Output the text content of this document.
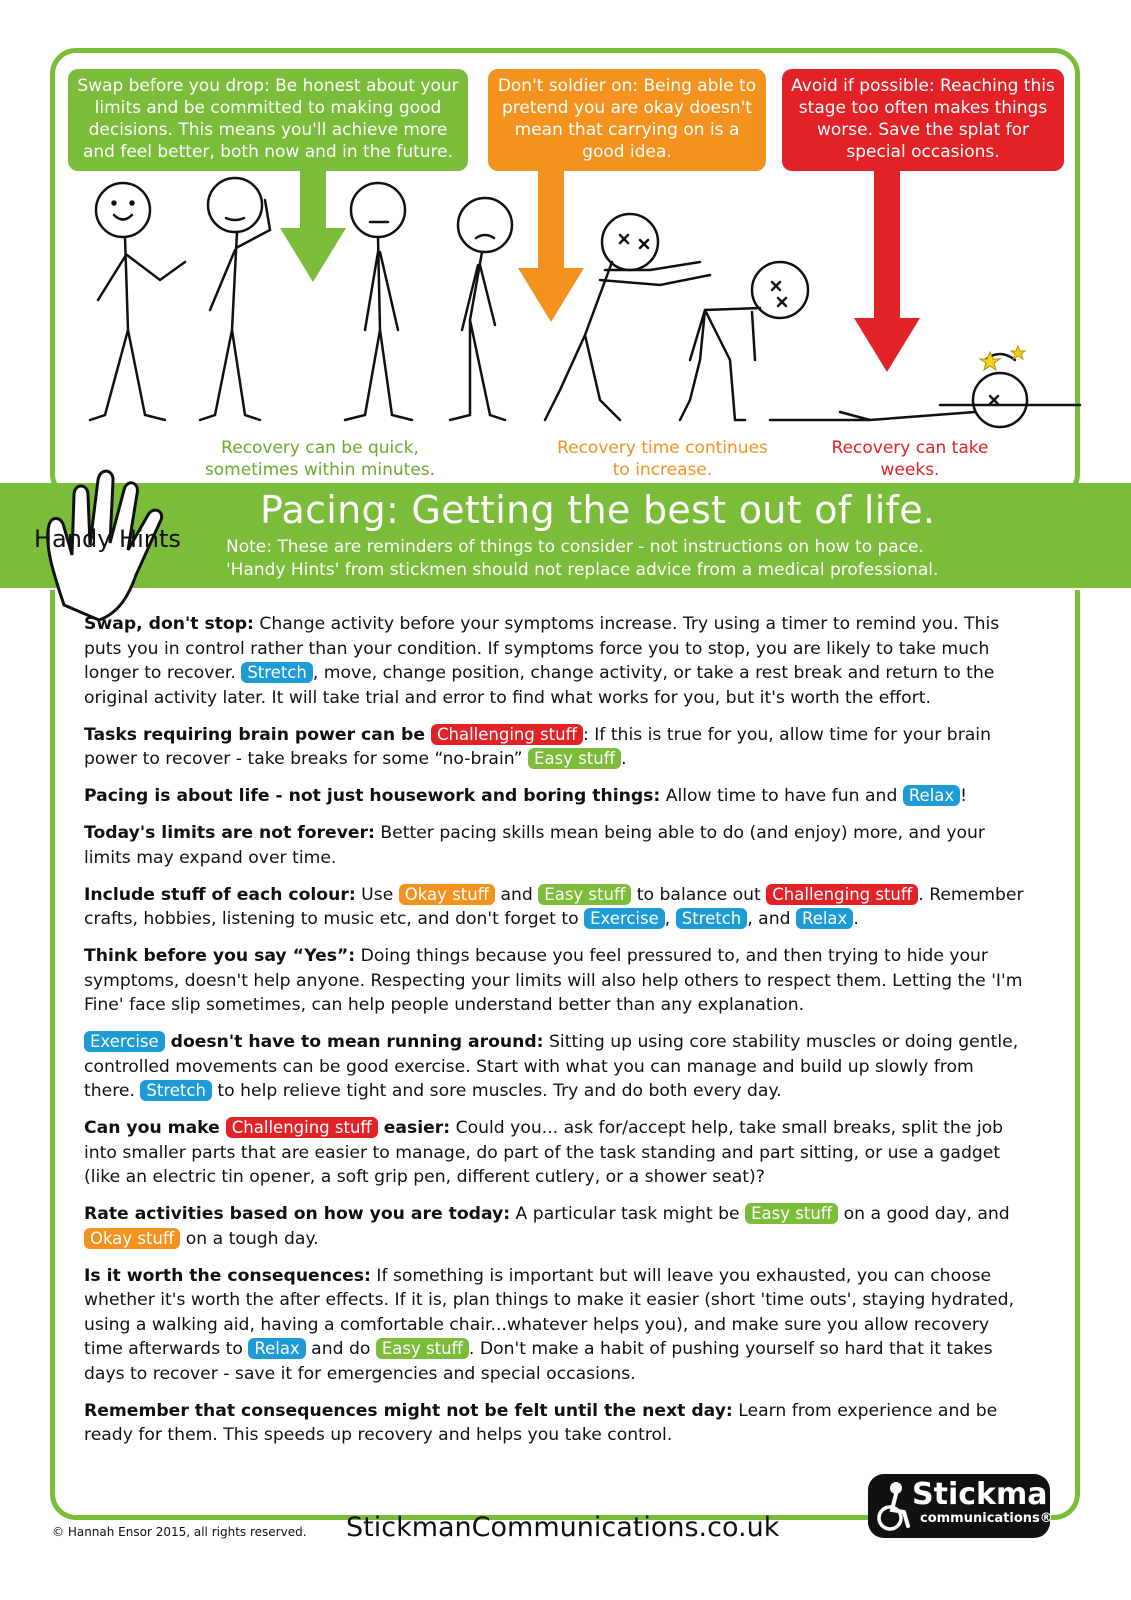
Swap before you drop: Be honest about your limits and be committed to making good decisions. This means you'll achieve more and feel better, both now and in the future.
Don't soldier on: Being able to pretend you are okay doesn't mean that carrying on is a good idea.
Avoid if possible: Reaching this stage too often makes things worse. Save the splat for special occasions.
Recovery can be quick, sometimes within minutes.
Recovery time continues to increase.
Recovery can take weeks.
Pacing: Getting the best out of life.
Note: These are reminders of things to consider - not instructions on how to pace. 'Handy Hints' from stickmen should not replace advice from a medical professional.
Handy Hints

Swap, don't stop: Change activity before your symptoms increase. Try using a timer to remind you. This puts you in control rather than your condition. If symptoms force you to stop, you are likely to take much longer to recover. Stretch , move, change position, change activity, or take a rest break and return to the original activity later. It will take trial and error to find what works for you, but it's worth the effort.

Tasks requiring brain power can be Challenging stuff : If this is true for you, allow time for your brain power to recover - take breaks for some “no-brain” Easy stuff .

Pacing is about life - not just housework and boring things: Allow time to have fun and Relax !

Today's limits are not forever: Better pacing skills mean being able to do (and enjoy) more, and your limits may expand over time.

Include stuff of each colour: Use Okay stuff and Easy stuff to balance out Challenging stuff . Remember crafts, hobbies, listening to music etc, and don't forget to Exercise , Stretch , and Relax .

Think before you say “Yes”: Doing things because you feel pressured to, and then trying to hide your symptoms, doesn't help anyone. Respecting your limits will also help others to respect them. Letting the 'I'm Fine' face slip sometimes, can help people understand better than any explanation.

Exercise doesn't have to mean running around: Sitting up using core stability muscles or doing gentle, controlled movements can be good exercise. Start with what you can manage and build up slowly from there. Stretch to help relieve tight and sore muscles. Try and do both every day.

Can you make Challenging stuff easier: Could you... ask for/accept help, take small breaks, split the job into smaller parts that are easier to manage, do part of the task standing and part sitting, or use a gadget (like an electric tin opener, a soft grip pen, different cutlery, or a shower seat)?

Rate activities based on how you are today: A particular task might be Easy stuff on a good day, and Okay stuff on a tough day.

Is it worth the consequences: If something is important but will leave you exhausted, you can choose whether it's worth the after effects. If it is, plan things to make it easier (short 'time outs', staying hydrated, using a walking aid, having a comfortable chair...whatever helps you), and make sure you allow recovery time afterwards to Relax and do Easy stuff . Don't make a habit of pushing yourself so hard that it takes days to recover - save it for emergencies and special occasions.

Remember that consequences might not be felt until the next day: Learn from experience and be ready for them. This speeds up recovery and helps you take control.

© Hannah Ensor 2015, all rights reserved. StickmanCommunications.co.uk
Stickman
communications®
